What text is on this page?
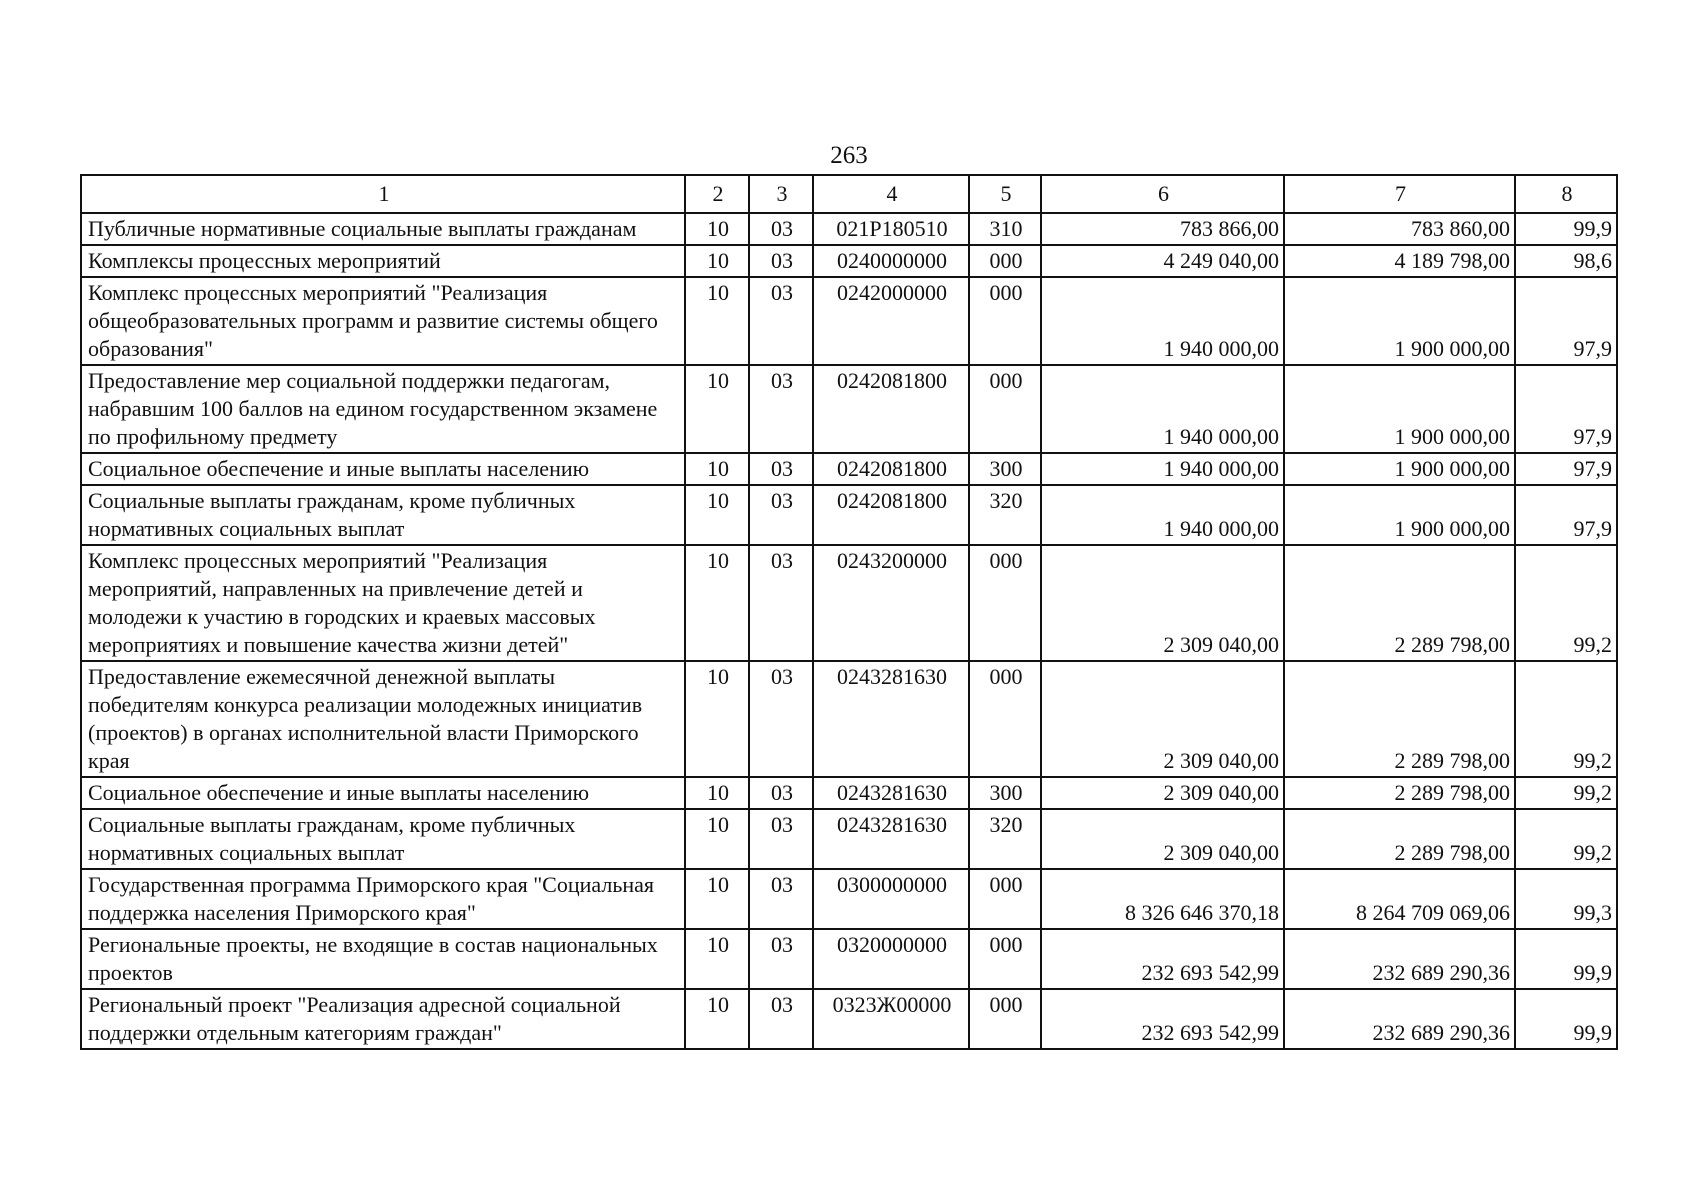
263
1	2	3	4	5	6	7	8
Публичные нормативные социальные выплаты гражданам	10	03	021P180510	310	783 866,00	783 860,00	99,9
Комплексы процессных мероприятий	10	03	0240000000	000	4 249 040,00	4 189 798,00	98,6
Комплекс процессных мероприятий "Реализация общеобразовательных программ и развитие системы общего образования"	10	03	0242000000	000	1 940 000,00	1 900 000,00	97,9
Предоставление мер социальной поддержки педагогам, набравшим 100 баллов на едином государственном экзамене по профильному предмету	10	03	0242081800	000	1 940 000,00	1 900 000,00	97,9
Социальное обеспечение и иные выплаты населению	10	03	0242081800	300	1 940 000,00	1 900 000,00	97,9
Социальные выплаты гражданам, кроме публичных нормативных социальных выплат	10	03	0242081800	320	1 940 000,00	1 900 000,00	97,9
Комплекс процессных мероприятий "Реализация мероприятий, направленных на привлечение детей и молодежи к участию в городских и краевых массовых мероприятиях и повышение качества жизни детей"	10	03	0243200000	000	2 309 040,00	2 289 798,00	99,2
Предоставление ежемесячной денежной выплаты победителям конкурса реализации молодежных инициатив (проектов) в органах исполнительной власти Приморского края	10	03	0243281630	000	2 309 040,00	2 289 798,00	99,2
Социальное обеспечение и иные выплаты населению	10	03	0243281630	300	2 309 040,00	2 289 798,00	99,2
Социальные выплаты гражданам, кроме публичных нормативных социальных выплат	10	03	0243281630	320	2 309 040,00	2 289 798,00	99,2
Государственная программа Приморского края "Социальная поддержка населения Приморского края"	10	03	0300000000	000	8 326 646 370,18	8 264 709 069,06	99,3
Региональные проекты, не входящие в состав национальных проектов	10	03	0320000000	000	232 693 542,99	232 689 290,36	99,9
Региональный проект "Реализация адресной социальной поддержки отдельным категориям граждан"	10	03	0323Ж00000	000	232 693 542,99	232 689 290,36	99,9
